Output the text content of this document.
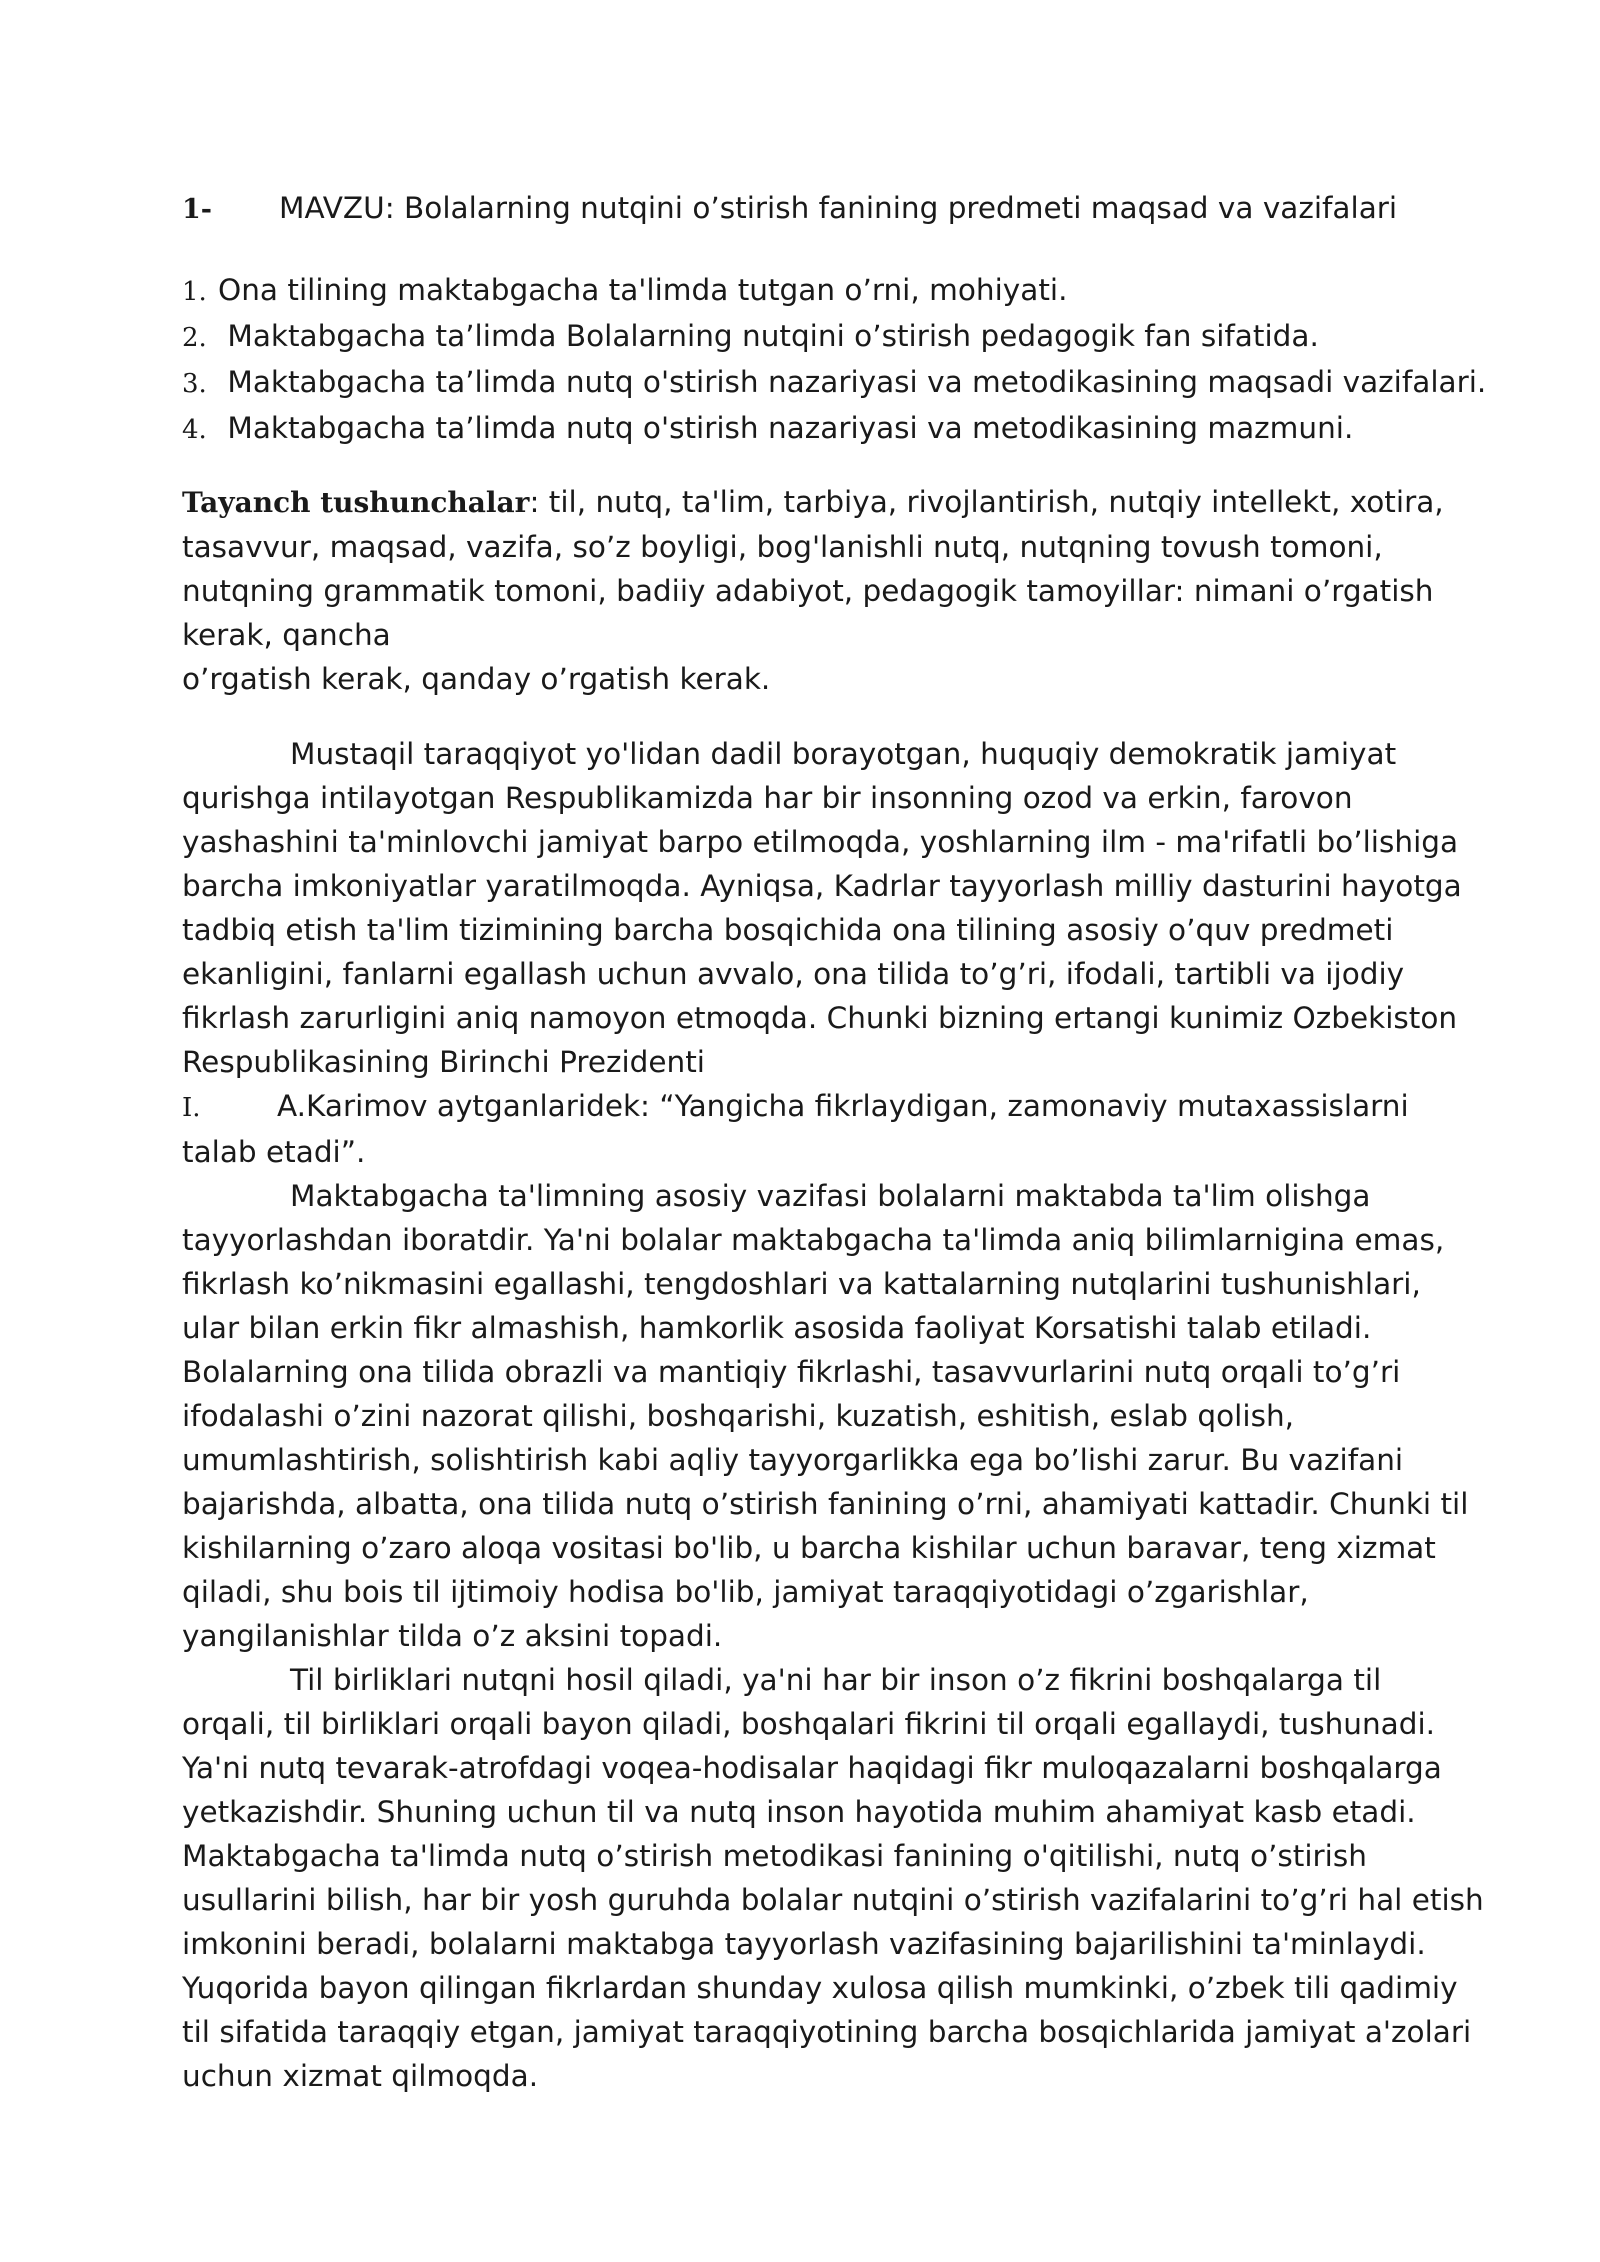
1- MAVZU: Bolalarning nutqini o’stirish fanining predmeti maqsad va vazifalari
1. Ona tilining maktabgacha ta'limda tutgan o’rni, mohiyati.
2. Maktabgacha ta’limda Bolalarning nutqini o’stirish pedagogik fan sifatida.
3. Maktabgacha ta’limda nutq o'stirish nazariyasi va metodikasining maqsadi vazifalari.
4. Maktabgacha ta’limda nutq o'stirish nazariyasi va metodikasining mazmuni.
Tayanch tushunchalar: til, nutq, ta'lim, tarbiya, rivojlantirish, nutqiy intellekt, xotira,
tasavvur, maqsad, vazifa, so’z boyligi, bog'lanishli nutq, nutqning tovush tomoni,
nutqning grammatik tomoni, badiiy adabiyot, pedagogik tamoyillar: nimani o’rgatish
kerak, qancha
o’rgatish kerak, qanday o’rgatish kerak.
Mustaqil taraqqiyot yo'lidan dadil borayotgan, huquqiy demokratik jamiyat
qurishga intilayotgan Respublikamizda har bir insonning ozod va erkin, farovon
yashashini ta'minlovchi jamiyat barpo etilmoqda, yoshlarning ilm - ma'rifatli bo’lishiga
barcha imkoniyatlar yaratilmoqda. Ayniqsa, Kadrlar tayyorlash milliy dasturini hayotga
tadbiq etish ta'lim tizimining barcha bosqichida ona tilining asosiy o’quv predmeti
ekanligini, fanlarni egallash uchun avvalo, ona tilida to’g’ri, ifodali, tartibli va ijodiy
fikrlash zarurligini aniq namoyon etmoqda. Chunki bizning ertangi kunimiz Ozbekiston
Respublikasining Birinchi Prezidenti
I.	A.Karimov aytganlaridek: “Yangicha fikrlaydigan, zamonaviy mutaxassislarni
talab etadi”.
Maktabgacha ta'limning asosiy vazifasi bolalarni maktabda ta'lim olishga
tayyorlashdan iboratdir. Ya'ni bolalar maktabgacha ta'limda aniq bilimlarnigina emas,
fikrlash ko’nikmasini egallashi, tengdoshlari va kattalarning nutqlarini tushunishlari,
ular bilan erkin fikr almashish, hamkorlik asosida faoliyat Korsatishi talab etiladi.
Bolalarning ona tilida obrazli va mantiqiy fikrlashi, tasavvurlarini nutq orqali to’g’ri
ifodalashi o’zini nazorat qilishi, boshqarishi, kuzatish, eshitish, eslab qolish,
umumlashtirish, solishtirish kabi aqliy tayyorgarlikka ega bo’lishi zarur. Bu vazifani
bajarishda, albatta, ona tilida nutq o’stirish fanining o’rni, ahamiyati kattadir. Chunki til
kishilarning o’zaro aloqa vositasi bo'lib, u barcha kishilar uchun baravar, teng xizmat
qiladi, shu bois til ijtimoiy hodisa bo'lib, jamiyat taraqqiyotidagi o’zgarishlar,
yangilanishlar tilda o’z aksini topadi.
Til birliklari nutqni hosil qiladi, ya'ni har bir inson o’z fikrini boshqalarga til
orqali, til birliklari orqali bayon qiladi, boshqalari fikrini til orqali egallaydi, tushunadi.
Ya'ni nutq tevarak-atrofdagi voqea-hodisalar haqidagi fikr muloqazalarni boshqalarga
yetkazishdir. Shuning uchun til va nutq inson hayotida muhim ahamiyat kasb etadi.
Maktabgacha ta'limda nutq o’stirish metodikasi fanining o'qitilishi, nutq o’stirish
usullarini bilish, har bir yosh guruhda bolalar nutqini o’stirish vazifalarini to’g’ri hal etish
imkonini beradi, bolalarni maktabga tayyorlash vazifasining bajarilishini ta'minlaydi.
Yuqorida bayon qilingan fikrlardan shunday xulosa qilish mumkinki, o’zbek tili qadimiy
til sifatida taraqqiy etgan, jamiyat taraqqiyotining barcha bosqichlarida jamiyat a'zolari
uchun xizmat qilmoqda.
